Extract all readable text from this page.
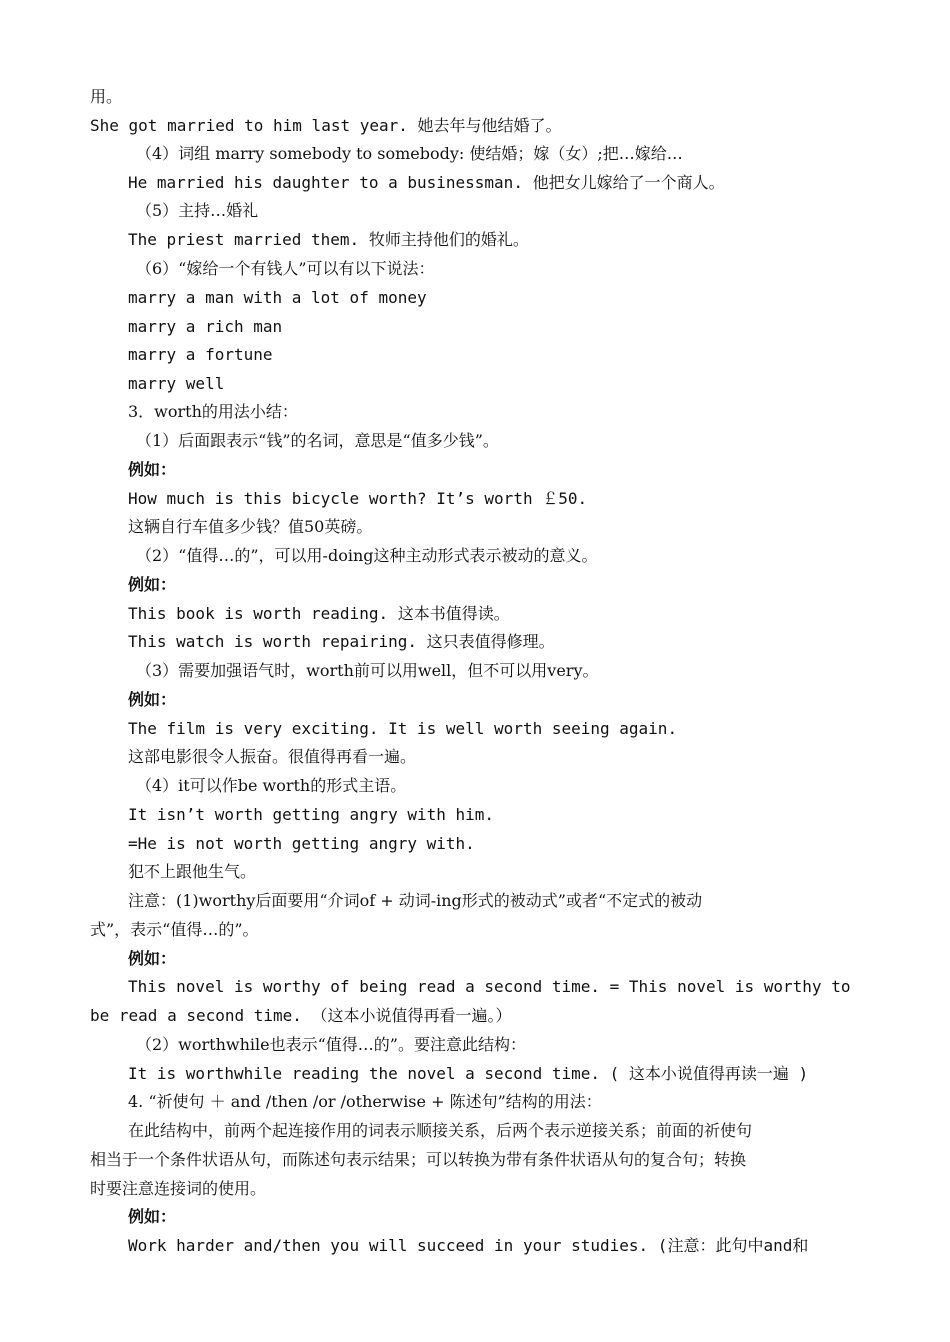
用。
She got married to him last year. 她去年与他结婚了。
（4）词组 marry somebody to somebody: 使结婚；嫁（女）;把…嫁给…
He married his daughter to a businessman. 他把女儿嫁给了一个商人。
（5）主持…婚礼
The priest married them. 牧师主持他们的婚礼。
（6）“嫁给一个有钱人”可以有以下说法：
marry a man with a lot of money
marry a rich man
marry a fortune
marry well
3．worth的用法小结：
（1）后面跟表示“钱”的名词，意思是“值多少钱”。
例如：
How much is this bicycle worth? It’s worth ￡50.
这辆自行车值多少钱？值50英磅。
（2）“值得…的”，可以用-doing这种主动形式表示被动的意义。
例如：
This book is worth reading. 这本书值得读。
This watch is worth repairing. 这只表值得修理。
（3）需要加强语气时，worth前可以用well，但不可以用very。
例如：
The film is very exciting. It is well worth seeing again.
这部电影很令人振奋。很值得再看一遍。
（4）it可以作be worth的形式主语。
It isn’t worth getting angry with him.
=He is not worth getting angry with.
犯不上跟他生气。
注意：(1)worthy后面要用“介词of + 动词-ing形式的被动式”或者“不定式的被动
式”，表示“值得…的”。
例如：
This novel is worthy of being read a second time. = This novel is worthy to
be read a second time. （这本小说值得再看一遍。）
（2）worthwhile也表示“值得…的”。要注意此结构：
It is worthwhile reading the novel a second time. ( 这本小说值得再读一遍 )
4. “祈使句 ＋ and /then /or /otherwise + 陈述句”结构的用法：
在此结构中，前两个起连接作用的词表示顺接关系，后两个表示逆接关系；前面的祈使句
相当于一个条件状语从句，而陈述句表示结果；可以转换为带有条件状语从句的复合句；转换
时要注意连接词的使用。
例如：
Work harder and/then you will succeed in your studies. (注意：此句中and和
